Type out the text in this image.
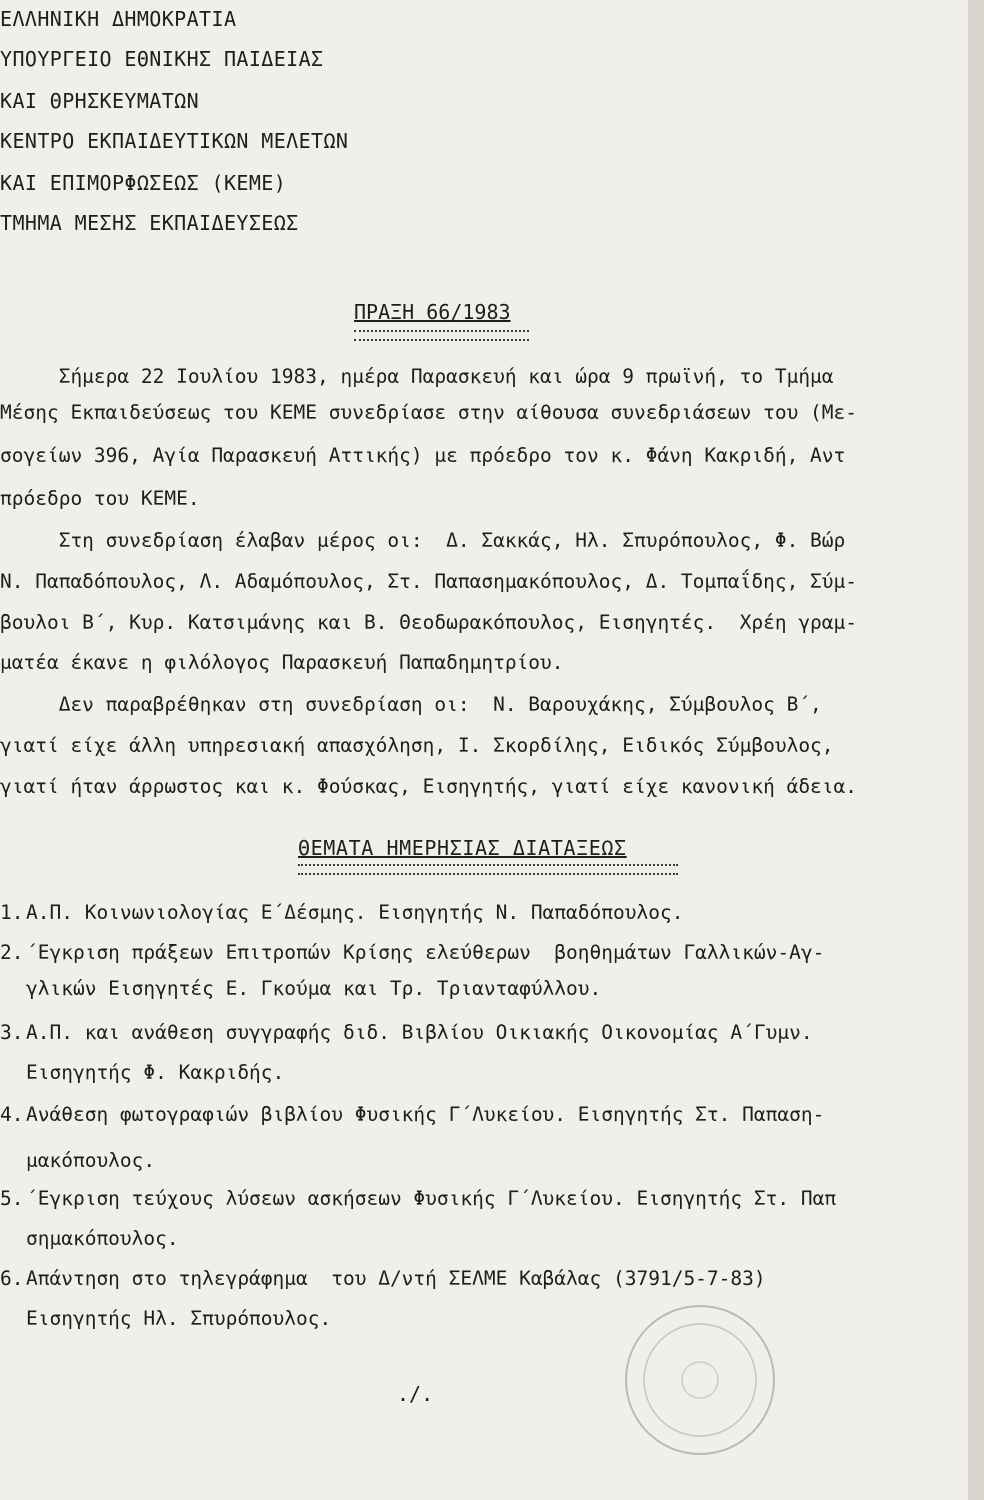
ΕΛΛΗΝΙΚΗ ΔΗΜΟΚΡΑΤΙΑ

ΥΠΟΥΡΓΕΙΟ ΕΘΝΙΚΗΣ ΠΑΙΔΕΙΑΣ

ΚΑΙ ΘΡΗΣΚΕΥΜΑΤΩΝ

ΚΕΝΤΡΟ ΕΚΠΑΙΔΕΥΤΙΚΩΝ ΜΕΛΕΤΩΝ

ΚΑΙ ΕΠΙΜΟΡΦΩΣΕΩΣ (ΚΕΜΕ)

ΤΜΗΜΑ ΜΕΣΗΣ ΕΚΠΑΙΔΕΥΣΕΩΣ

ΠΡΑΞΗ 66/1983

Σήμερα 22 Ιουλίου 1983, ημέρα Παρασκευή και ώρα 9 πρωϊνή, το Τμήμα

Μέσης Εκπαιδεύσεως του ΚΕΜΕ συνεδρίασε στην αίθουσα συνεδριάσεων του (Με-

σογείων 396, Αγία Παρασκευή Αττικής) με πρόεδρο τον κ. Φάνη Κακριδή, Αντ

πρόεδρο του ΚΕΜΕ.

Στη συνεδρίαση έλαβαν μέρος οι:  Δ. Σακκάς, Ηλ. Σπυρόπουλος, Φ. Βώρ

Ν. Παπαδόπουλος, Λ. Αδαμόπουλος, Στ. Παπασημακόπουλος, Δ. Τομπαΐδης, Σύμ-

βουλοι Β΄, Κυρ. Κατσιμάνης και Β. Θεοδωρακόπουλος, Εισηγητές.  Χρέη γραμ-

ματέα έκανε η φιλόλογος Παρασκευή Παπαδημητρίου.

Δεν παραβρέθηκαν στη συνεδρίαση οι:  Ν. Βαρουχάκης, Σύμβουλος Β΄,

γιατί είχε άλλη υπηρεσιακή απασχόληση, Ι. Σκορδίλης, Ειδικός Σύμβουλος,

γιατί ήταν άρρωστος και κ. Φούσκας, Εισηγητής, γιατί είχε κανονική άδεια.

ΘΕΜΑΤΑ ΗΜΕΡΗΣΙΑΣ ΔΙΑΤΑΞΕΩΣ

1. Α.Π. Κοινωνιολογίας Ε΄Δέσμης. Εισηγητής Ν. Παπαδόπουλος.

2. ΄Εγκριση πράξεων Επιτροπών Κρίσης ελεύθερων  βοηθημάτων Γαλλικών-Αγ-

γλικών Εισηγητές Ε. Γκούμα και Τρ. Τριανταφύλλου.

3. Α.Π. και ανάθεση συγγραφής διδ. Βιβλίου Οικιακής Οικονομίας Α΄Γυμν.

Εισηγητής Φ. Κακριδής.

4. Ανάθεση φωτογραφιών βιβλίου Φυσικής Γ΄Λυκείου. Εισηγητής Στ. Παπαση-

μακόπουλος.

5. ΄Εγκριση τεύχους λύσεων ασκήσεων Φυσικής Γ΄Λυκείου. Εισηγητής Στ. Παπ

σημακόπουλος.

6. Απάντηση στο τηλεγράφημα  του Δ/ντή ΣΕΛΜΕ Καβάλας (3791/5-7-83)

Εισηγητής Ηλ. Σπυρόπουλος.

./.
